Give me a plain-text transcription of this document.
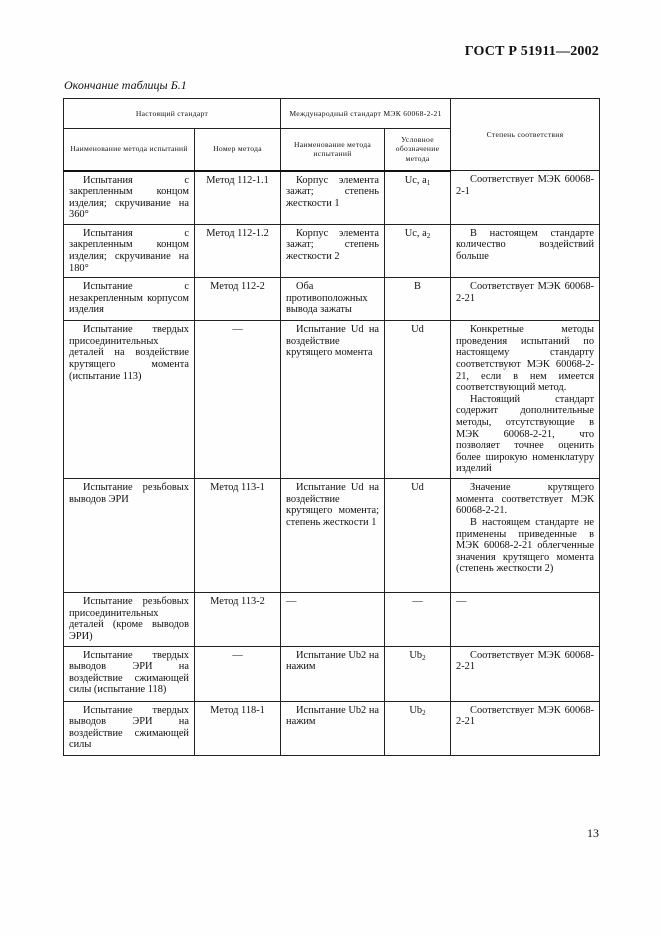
ГОСТ Р 51911—2002
Окончание таблицы Б.1
Настоящий стандарт		Международный стандарт МЭК 60068-2-21		Степень соответствия
Наименование метода испытаний	Номер метода	Наименование метода испытаний	Условное обозначение метода	
Испытания с закрепленным концом изделия; скручивание на 360°	Метод 112-1.1	Корпус элемента зажат; степень жесткости 1	Uc, $a_1$	Соответствует МЭК 60068-2-1

Испытания с закрепленным концом изделия; скручивание на 180°	Метод 112-1.2	Корпус элемента зажат; степень жесткости 2	Uc, $a_2$	В настоящем стандарте количество воздействий больше

Испытание с незакрепленным корпусом изделия	Метод 112-2	Оба противоположных вывода зажаты	B	Соответствует МЭК 60068-2-21

Испытание твердых присоединительных деталей на воздействие крутящего момента (испытание 113)	—	Испытание Ud на воздействие крутящего момента	Ud	Конкретные методы проведения испытаний по настоящему стандарту соответствуют МЭК 60068-2-21, если в нем имеется соответствующий метод.

Настоящий стандарт содержит дополнительные методы, отсутствующие в МЭК 60068-2-21, что позволяет точнее оценить более широкую номенклатуру изделий

Испытание резьбовых выводов ЭРИ	Метод 113-1	Испытание Ud на воздействие крутящего момента; степень жесткости 1	Ud	Значение крутящего момента соответствует МЭК 60068-2-21.

В настоящем стандарте не применены приведенные в МЭК 60068-2-21 облегченные значения крутящего момента (степень жесткости 2)

Испытание резьбовых присоединительных деталей (кроме выводов ЭРИ)	Метод 113-2	—	—	—

Испытание твердых выводов ЭРИ на воздействие сжимающей силы (испытание 118)	—	Испытание Ub2 на нажим	$Ub_2$	Соответствует МЭК 60068-2-21

Испытание твердых выводов ЭРИ на воздействие сжимающей силы	Метод 118-1	Испытание Ub2 на нажим	$Ub_2$	Соответствует МЭК 60068-2-21

13
